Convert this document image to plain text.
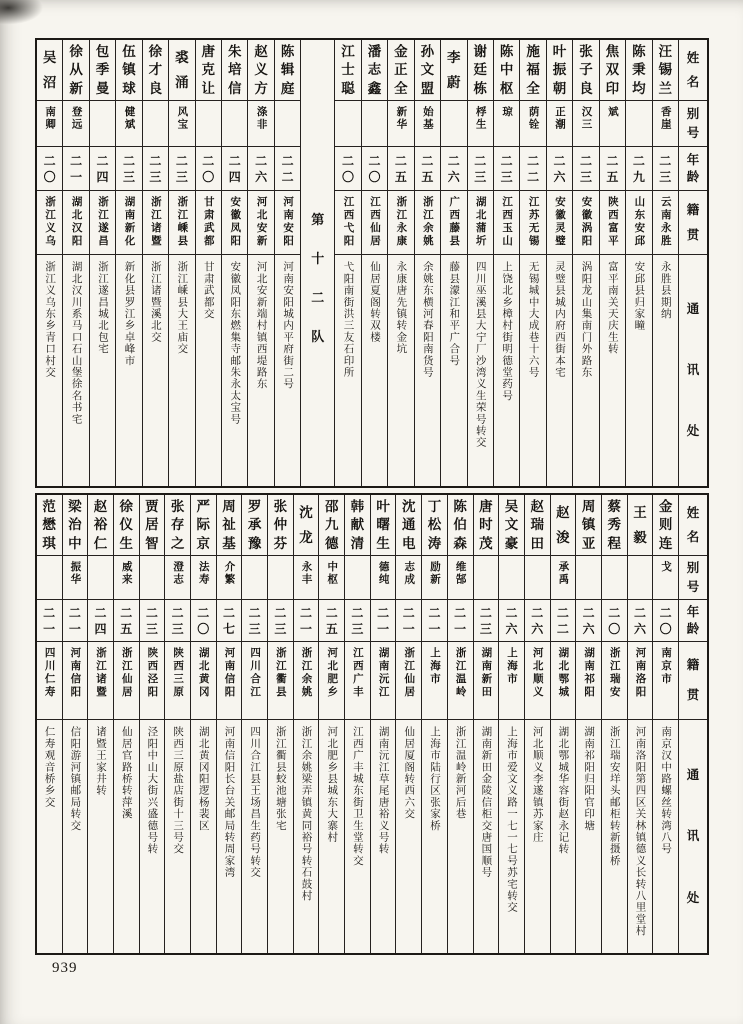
姓
名
别
号
年
龄
籍
贯
通
讯
处
汪
锡
兰
香崖
二
三
云南永胜
永胜县期纳
陈
秉
均
二
九
山东安邱
安邱县归家疃
焦
双
印
斌
二
五
陕西富平
富平南关天庆生转
张
子
良
汉三
二
三
安徽涡阳
涡阳龙山集南门外路东
叶
振
朝
正潮
二
六
安徽灵璧
灵璧县城内府西街本宅
施
福
全
荫铨
二
二
江苏无锡
无锡城中大成巷十六号
陈
中
枢
琼
二
三
江西玉山
上饶北乡樟村街明德堂药号
谢
廷
栋
桴生
二
三
湖北蒲圻
四川巫溪县大宁厂沙湾义生荣号转交
李
蔚
二
六
广西藤县
藤县濛江和平广合号
孙
文
盟
始基
二
五
浙江余姚
余姚东横河春阳南货号
金
正
全
新华
二
五
浙江永康
永康唐先镇转金坑
潘
志
鑫
二
〇
江西仙居
仙居夏阁转双楼
江
士
聪
二
〇
江西弋阳
弋阳南街洪三友石印所
第
十
二
队
陈
辑
庭
二
二
河南安阳
河南安阳城内平府街二号
赵
义
方
涤非
二
六
河北安新
河北安新端村镇西堤路东
朱
培
信
二
四
安徽凤阳
安徽凤阳东燃集寺邮朱永太宝号
唐
克
让
二
〇
甘肃武都
甘肃武都交
裘
涌
风宝
二
三
浙江嵊县
浙江嵊县大王庙交
徐
才
良
二
三
浙江诸暨
浙江诸暨溪北交
伍
镇
球
健斌
二
三
湖南新化
新化县罗江乡卓峰市
包
季
曼
二
四
浙江遂昌
浙江遂昌城北包宅
徐
从
新
登远
二
一
湖北汉阳
湖北汉川系马口石山堡徐名书宅
吴
沼
南卿
二
〇
浙江义乌
浙江义乌东乡青口村交
姓
名
别
号
年
龄
籍
贯
通
讯
处
金
则
连
戈
二
〇
南京市
南京汉中路螺丝转湾八号
王
毅
二
六
河南洛阳
河南洛阳第四区关林镇德义长转八里堂村
蔡
秀
程
二
〇
浙江瑞安
浙江瑞安垟头邮柜转新摄桥
周
镇
亚
二
六
湖南祁阳
湖南祁阳归阳官印塘
赵
浚
承禹
二
二
湖北鄂城
湖北鄂城华容街赵永记转
赵
瑞
田
二
六
河北顺义
河北顺义李遂镇苏家庄
吴
文
豪
二
六
上海市
上海市爱文义路一七一七号苏宅转交
唐
时
茂
二
三
湖南新田
湖南新田金陵信柜交唐国顺号
陈
伯
森
维郜
二
一
浙江温岭
浙江温岭新河后巷
丁
松
涛
励新
二
一
上海市
上海市陆行区张家桥
沈
通
电
志成
二
一
浙江仙居
仙居厦阁转西六交
叶
曙
生
德纯
二
一
湖南沅江
湖南沅江草尾唐裕义号转
韩
献
清
二
三
江西广丰
江西广丰城东街卫生堂转交
邵
九
德
中枢
二
五
河北肥乡
河北肥乡县城东大寨村
沈
龙
永丰
二
一
浙江余姚
浙江余姚梁弄镇黄同裕号转石鼓村
张
仲
芬
二
三
浙江衢县
浙江衢县蛟池塘张宅
罗
承
豫
二
三
四川合江
四川合江县王场昌生药号转交
周
祉
基
介繁
二
七
河南信阳
河南信阳长台关邮局转周家湾
严
际
京
法寿
二
〇
湖北黄冈
湖北黄冈阳逻杨裴区
张
存
之
澄志
二
三
陕西三原
陕西三原盐店街十三号交
贾
居
智
二
三
陕西泾阳
泾阳中山大街兴盛德号转
徐
仪
生
威来
二
五
浙江仙居
仙居官路桥转萍溪
赵
裕
仁
二
四
浙江诸暨
诸暨王家井转
梁
治
中
振华
二
一
河南信阳
信阳游河镇邮局转交
范
懋
琪
二
一
四川仁寿
仁寿观音桥乡交
939
